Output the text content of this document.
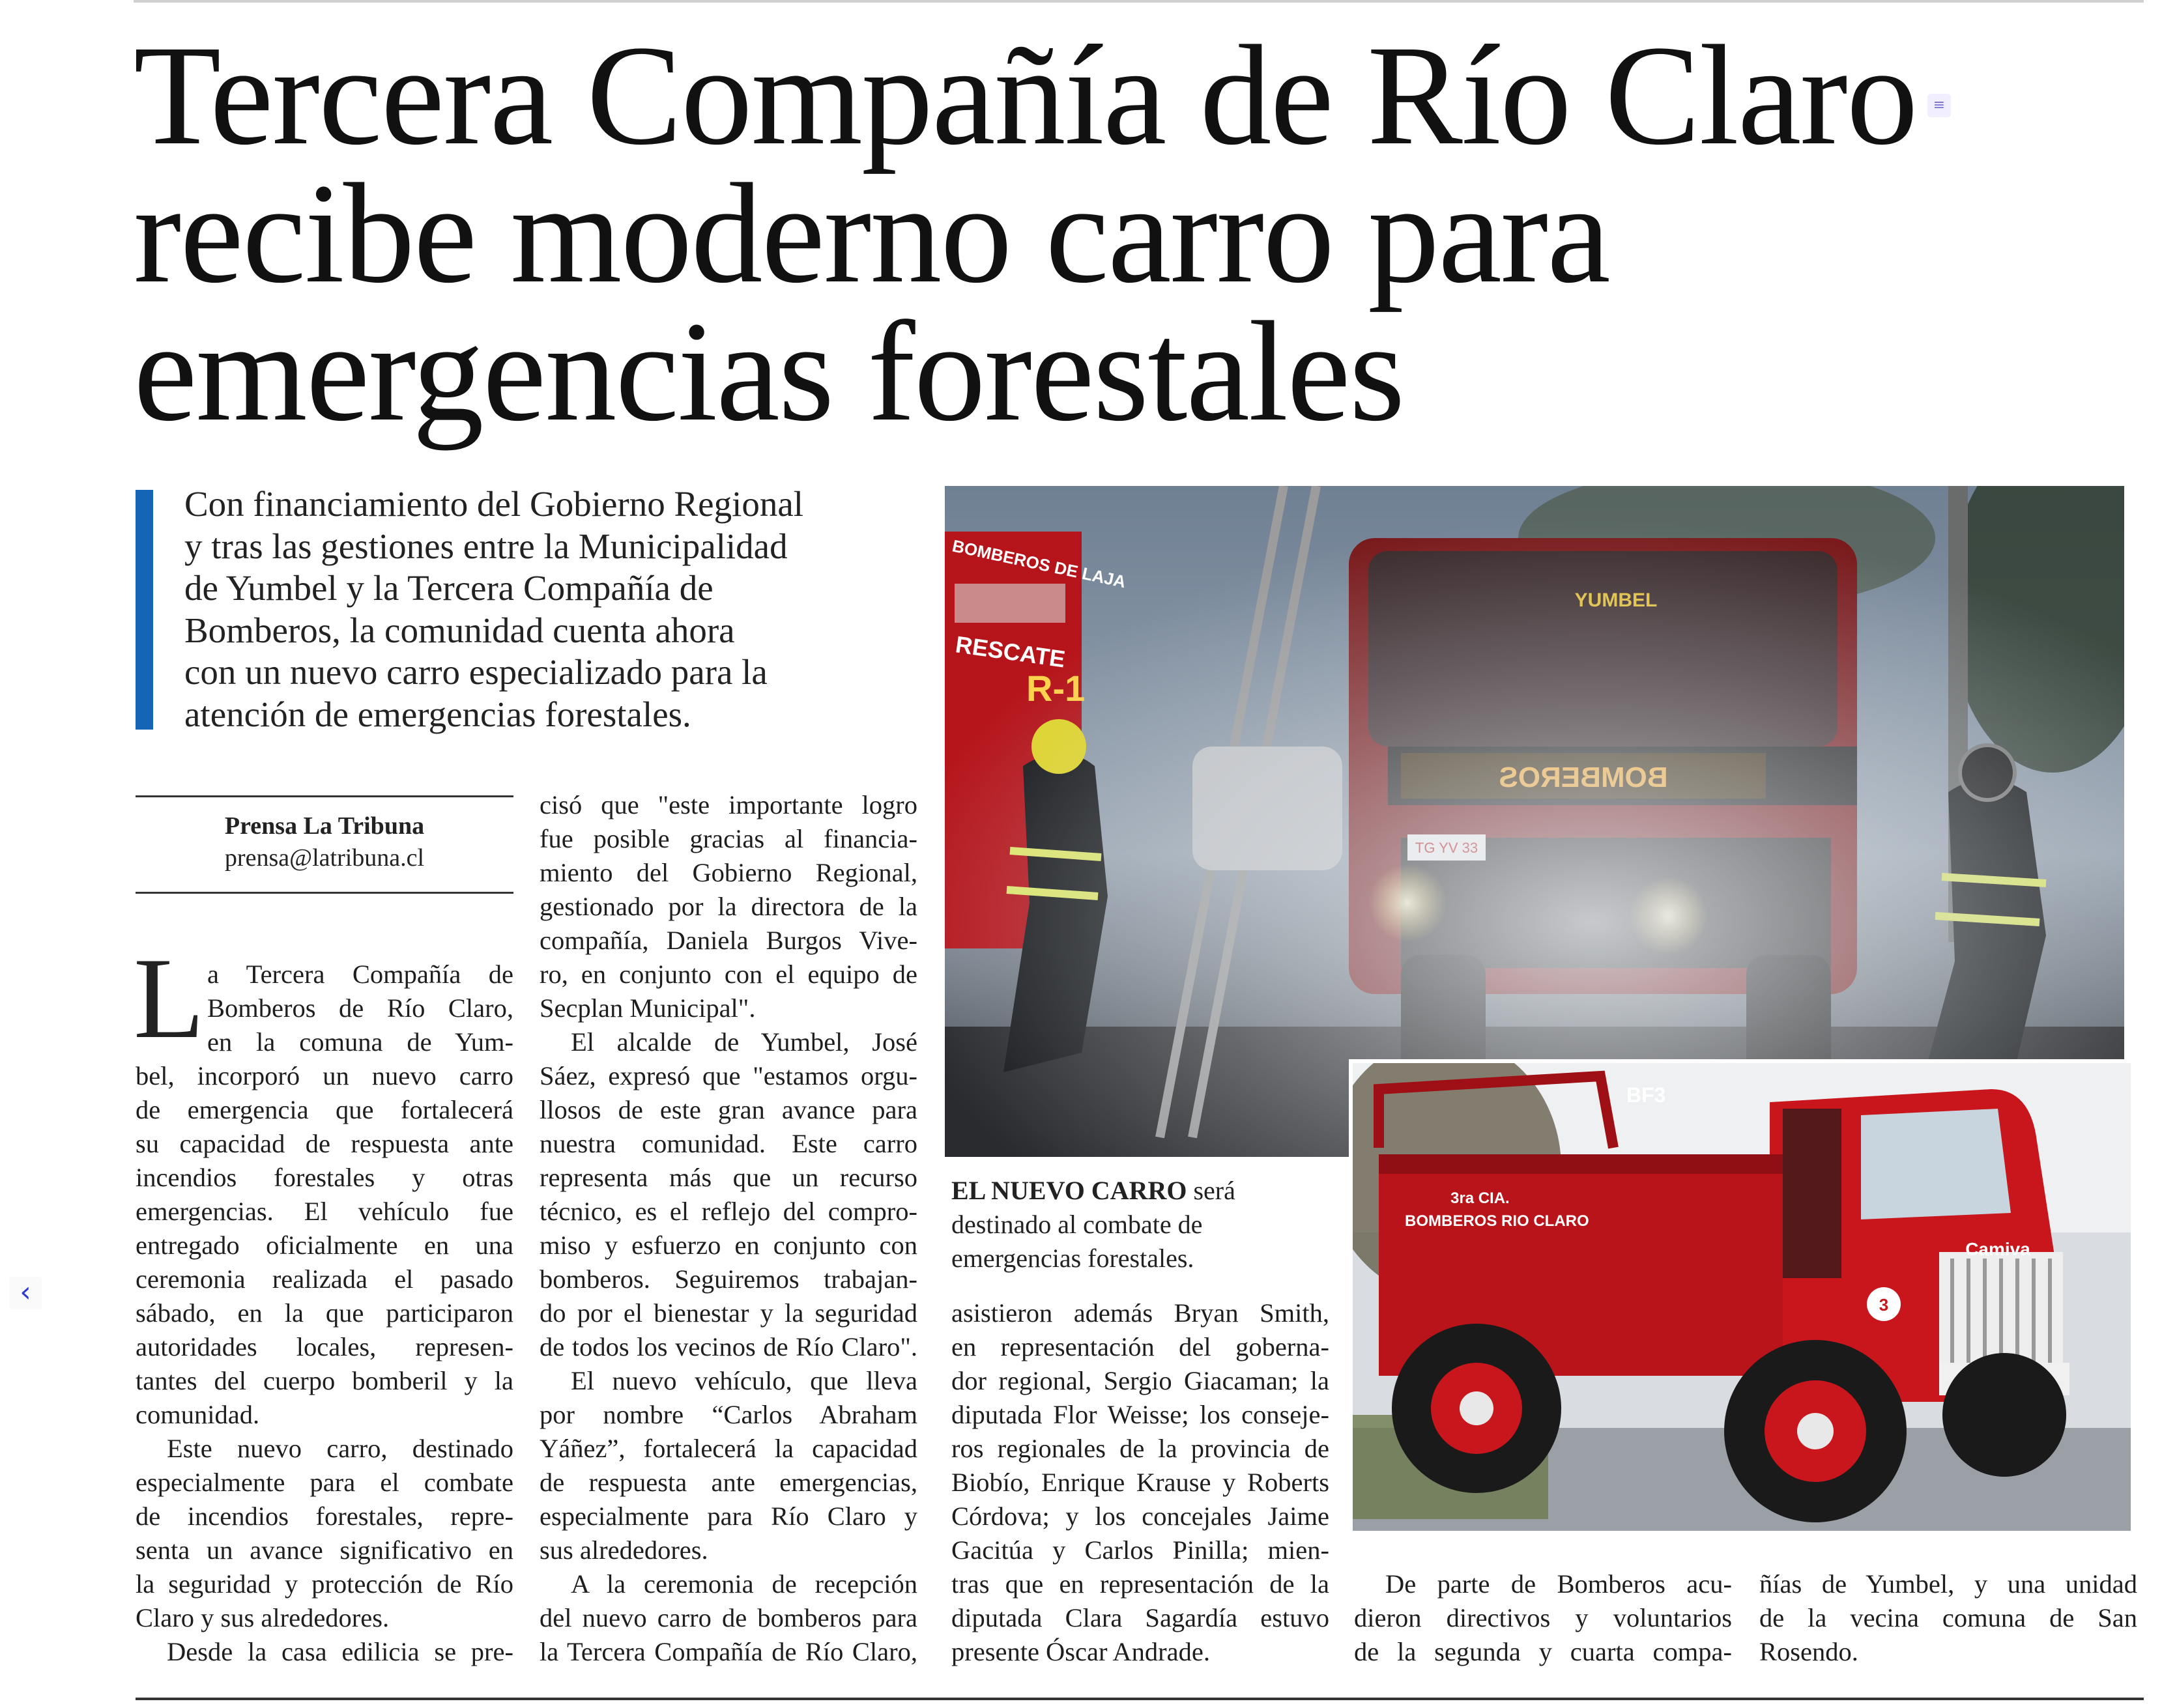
Tercera Compañía de Río Claro
recibe moderno carro para
emergencias forestales
≡
Con financiamiento del Gobierno Regional
y tras las gestiones entre la Municipalidad
de Yumbel y la Tercera Compañía de
Bomberos, la comunidad cuenta ahora
con un nuevo carro especializado para la
atención de emergencias forestales.
Prensa La Tribuna
prensa@latribuna.cl
L a Tercera Compañía de
Bomberos de Río Claro,
en la comuna de Yum-
bel, incorporó un nuevo carro
de emergencia que fortalecerá
su capacidad de respuesta ante
incendios forestales y otras
emergencias. El vehículo fue
entregado oficialmente en una
ceremonia realizada el pasado
sábado, en la que participaron
autoridades locales, represen-
tantes del cuerpo bomberil y la
comunidad.
Este nuevo carro, destinado
especialmente para el combate
de incendios forestales, repre-
senta un avance significativo en
la seguridad y protección de Río
Claro y sus alrededores.
Desde la casa edilicia se pre-
cisó que "este importante logro
fue posible gracias al financia-
miento del Gobierno Regional,
gestionado por la directora de la
compañía, Daniela Burgos Vive-
ro, en conjunto con el equipo de
Secplan Municipal".
El alcalde de Yumbel, José
Sáez, expresó que "estamos orgu-
llosos de este gran avance para
nuestra comunidad. Este carro
representa más que un recurso
técnico, es el reflejo del compro-
miso y esfuerzo en conjunto con
bomberos. Seguiremos trabajan-
do por el bienestar y la seguridad
de todos los vecinos de Río Claro".
El nuevo vehículo, que lleva
por nombre “Carlos Abraham
Yáñez”, fortalecerá la capacidad
de respuesta ante emergencias,
especialmente para Río Claro y
sus alrededores.
A la ceremonia de recepción
del nuevo carro de bomberos para
la Tercera Compañía de Río Claro,
EL NUEVO CARRO será
destinado al combate de
emergencias forestales.	Camiva
3
BF3
3ra CIA.
BOMBEROS RIO CLARO
asistieron además Bryan Smith,
en representación del goberna-
dor regional, Sergio Giacaman; la
diputada Flor Weisse; los conseje-
ros regionales de la provincia de
Biobío, Enrique Krause y Roberts
Córdova; y los concejales Jaime
Gacitúa y Carlos Pinilla; mien-
tras que en representación de la
diputada Clara Sagardía estuvo
presente Óscar Andrade.
De parte de Bomberos acu-
dieron directivos y voluntarios
de la segunda y cuarta compa-
ñías de Yumbel, y una unidad
de la vecina comuna de San
Rosendo.
‹
